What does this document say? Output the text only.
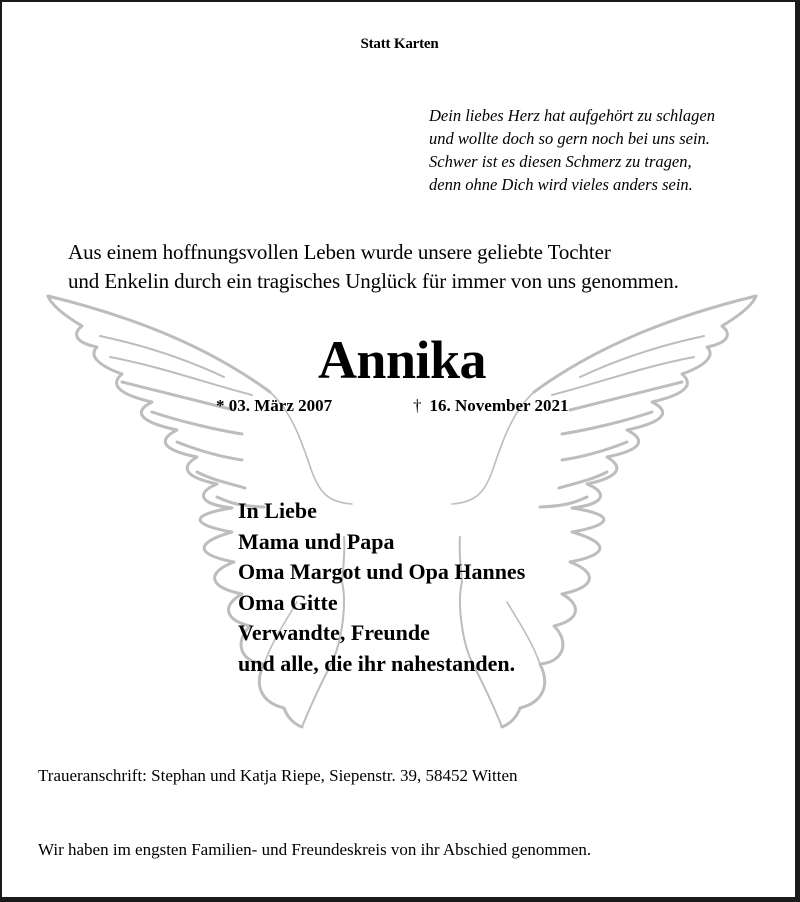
Statt Karten
Dein liebes Herz hat aufgehört zu schlagen
und wollte doch so gern noch bei uns sein.
Schwer ist es diesen Schmerz zu tragen,
denn ohne Dich wird vieles anders sein.
Aus einem hoffnungsvollen Leben wurde unsere geliebte Tochter
und Enkelin durch ein tragisches Unglück für immer von uns genommen.
Annika
* 03. März 2007	† 16. November 2021
In Liebe
Mama und Papa
Oma Margot und Opa Hannes
Oma Gitte
Verwandte, Freunde
und alle, die ihr nahestanden.
Traueranschrift: Stephan und Katja Riepe, Siepenstr. 39, 58452 Witten
Wir haben im engsten Familien- und Freundeskreis von ihr Abschied genommen.
